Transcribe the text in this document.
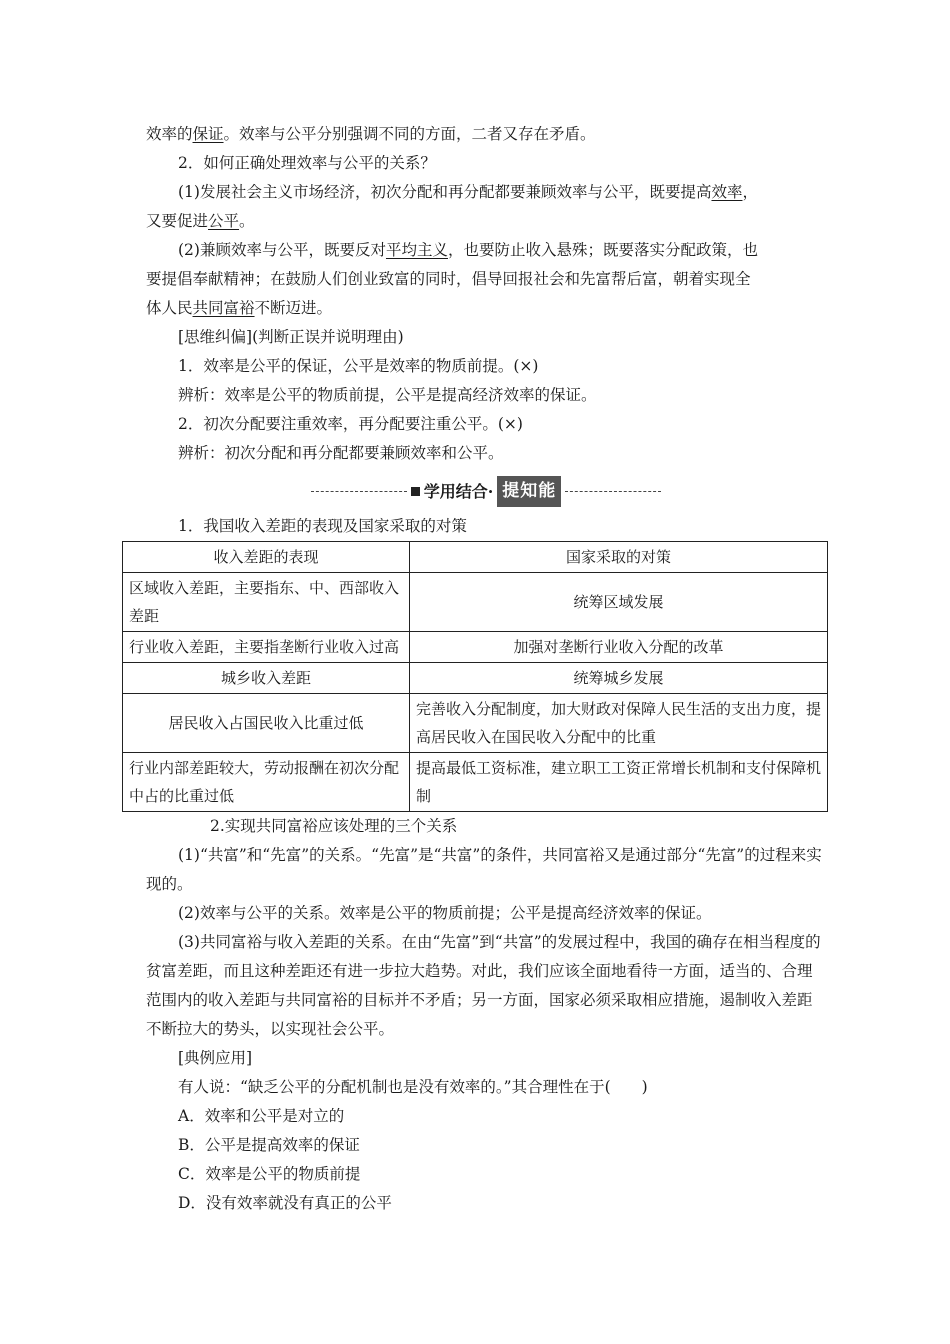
效率的保证。效率与公平分别强调不同的方面，二者又存在矛盾。
2．如何正确处理效率与公平的关系？
(1)发展社会主义市场经济，初次分配和再分配都要兼顾效率与公平，既要提高效率，
又要促进公平。
(2)兼顾效率与公平，既要反对平均主义，也要防止收入悬殊；既要落实分配政策，也
要提倡奉献精神；在鼓励人们创业致富的同时，倡导回报社会和先富帮后富，朝着实现全
体人民共同富裕不断迈进。
[思维纠偏](判断正误并说明理由)
1．效率是公平的保证，公平是效率的物质前提。(×)
辨析：效率是公平的物质前提，公平是提高经济效率的保证。
2．初次分配要注重效率，再分配要注重公平。(×)
辨析：初次分配和再分配都要兼顾效率和公平。
学用结合· 提知能
1．我国收入差距的表现及国家采取的对策
收入差距的表现	国家采取的对策
区域收入差距，主要指东、中、西部收入差距	统筹区域发展
行业收入差距，主要指垄断行业收入过高	加强对垄断行业收入分配的改革
城乡收入差距	统筹城乡发展
居民收入占国民收入比重过低	完善收入分配制度，加大财政对保障人民生活的支出力度，提高居民收入在国民收入分配中的比重
行业内部差距较大，劳动报酬在初次分配中占的比重过低	提高最低工资标准，建立职工工资正常增长机制和支付保障机制
2.实现共同富裕应该处理的三个关系
(1)“共富”和“先富”的关系。“先富”是“共富”的条件，共同富裕又是通过部分“先富”的过程来实现的。
(2)效率与公平的关系。效率是公平的物质前提；公平是提高经济效率的保证。
(3)共同富裕与收入差距的关系。在由“先富”到“共富”的发展过程中，我国的确存在相当程度的贫富差距，而且这种差距还有进一步拉大趋势。对此，我们应该全面地看待一方面，适当的、合理范围内的收入差距与共同富裕的目标并不矛盾；另一方面，国家必须采取相应措施，遏制收入差距不断拉大的势头，以实现社会公平。
[典例应用]
有人说：“缺乏公平的分配机制也是没有效率的。”其合理性在于(　　)
A．效率和公平是对立的
B．公平是提高效率的保证
C．效率是公平的物质前提
D．没有效率就没有真正的公平
